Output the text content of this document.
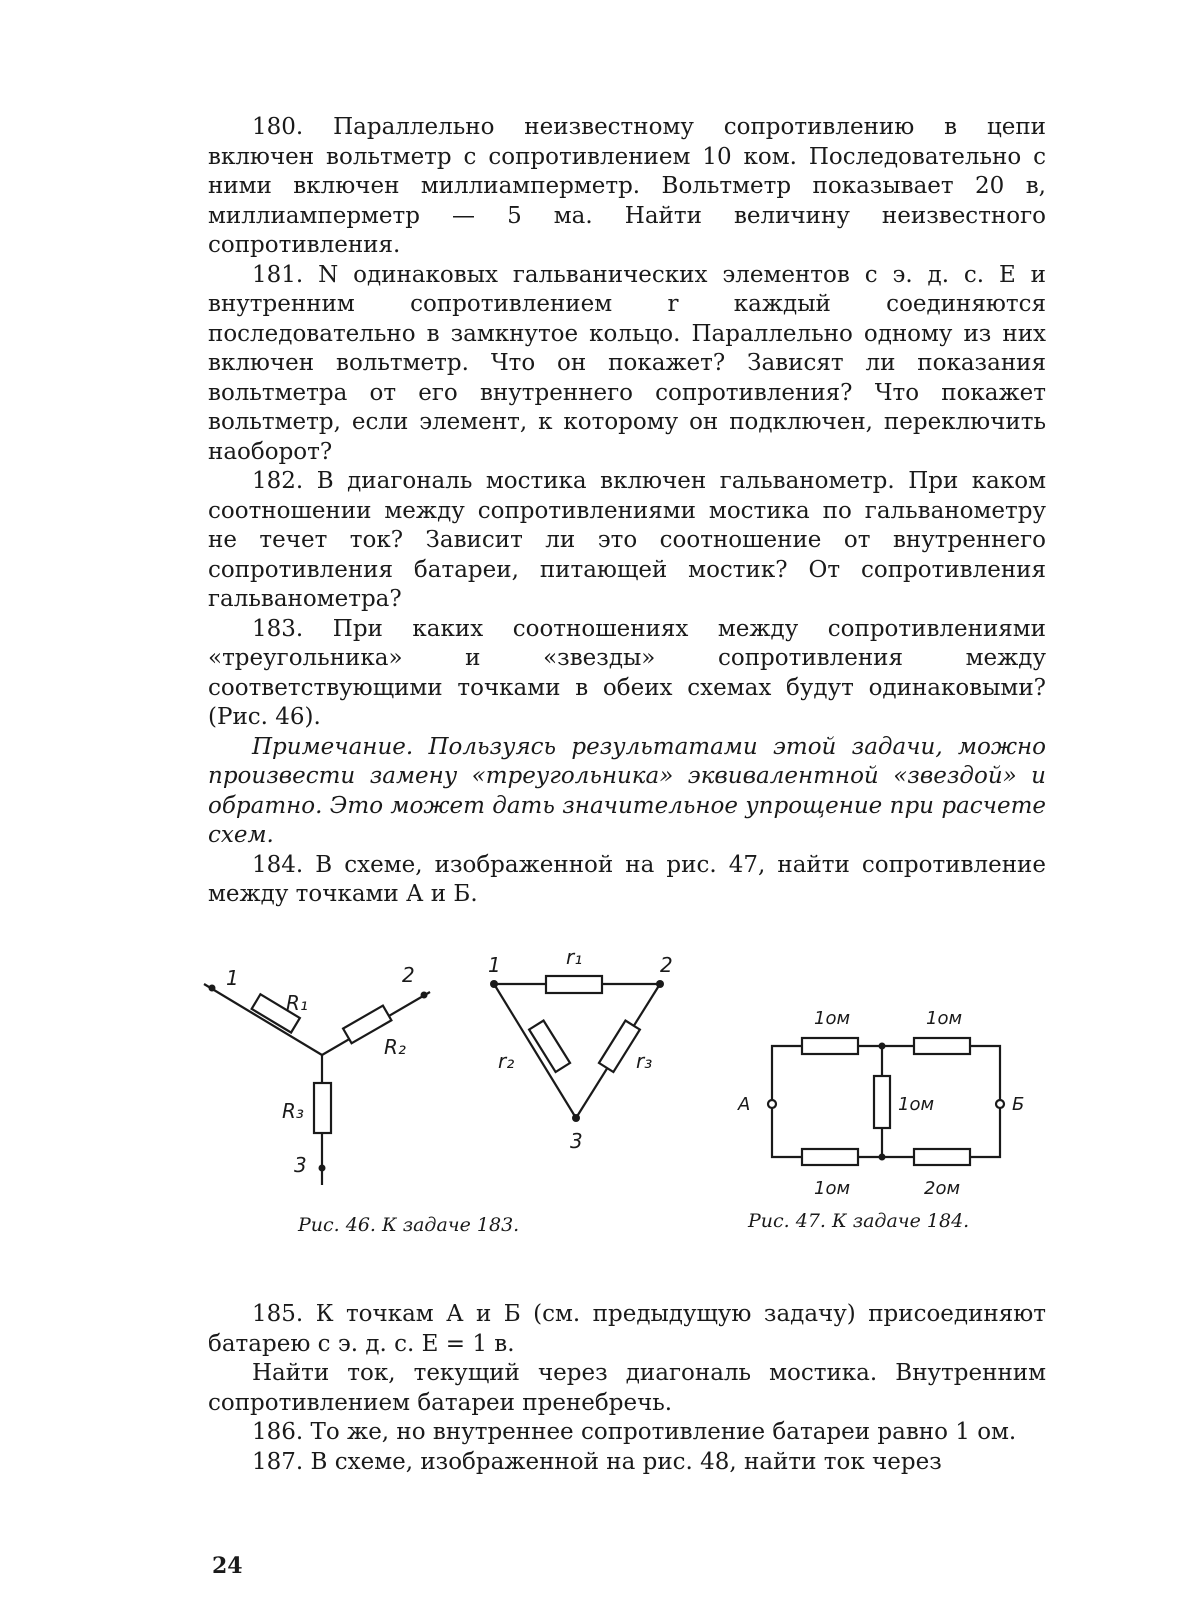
180. Параллельно неизвестному сопротивлению в цепи включен вольтметр с сопротивлением 10 ком. Последовательно с ними включен миллиамперметр. Вольтметр показывает 20 в, миллиамперметр — 5 ма. Найти величину неизвестного сопротивления.

181. N одинаковых гальванических элементов с э. д. с. E и внутренним сопротивлением r каждый соединяются последовательно в замкнутое кольцо. Параллельно одному из них включен вольтметр. Что он покажет? Зависят ли показания вольтметра от его внутреннего сопротивления? Что покажет вольтметр, если элемент, к которому он подключен, переключить наоборот?

182. В диагональ мостика включен гальванометр. При каком соотношении между сопротивлениями мостика по гальванометру не течет ток? Зависит ли это соотношение от внутреннего сопротивления батареи, питающей мостик? От сопротивления гальванометра?

183. При каких соотношениях между сопротивлениями «треугольника» и «звезды» сопротивления между соответствующими точками в обеих схемах будут одинаковыми? (Рис. 46).

Примечание. Пользуясь результатами этой задачи, можно произвести замену «треугольника» эквивалентной «звездой» и обратно. Это может дать значительное упрощение при расчете схем.

184. В схеме, изображенной на рис. 47, найти сопротивление между точками А и Б.

1	2
3
R₁
R₂
R₃
1	2
3
r₁
r₂	r₃
Рис. 46. К задаче 183.
А	Б
1ом	1ом
1ом
1ом	2ом
Рис. 47. К задаче 184.

185. К точкам А и Б (см. предыдущую задачу) присоединяют батарею с э. д. с. E = 1 в.

Найти ток, текущий через диагональ мостика. Внутренним сопротивлением батареи пренебречь.

186. То же, но внутреннее сопротивление батареи равно 1 ом.

187. В схеме, изображенной на рис. 48, найти ток через

24
